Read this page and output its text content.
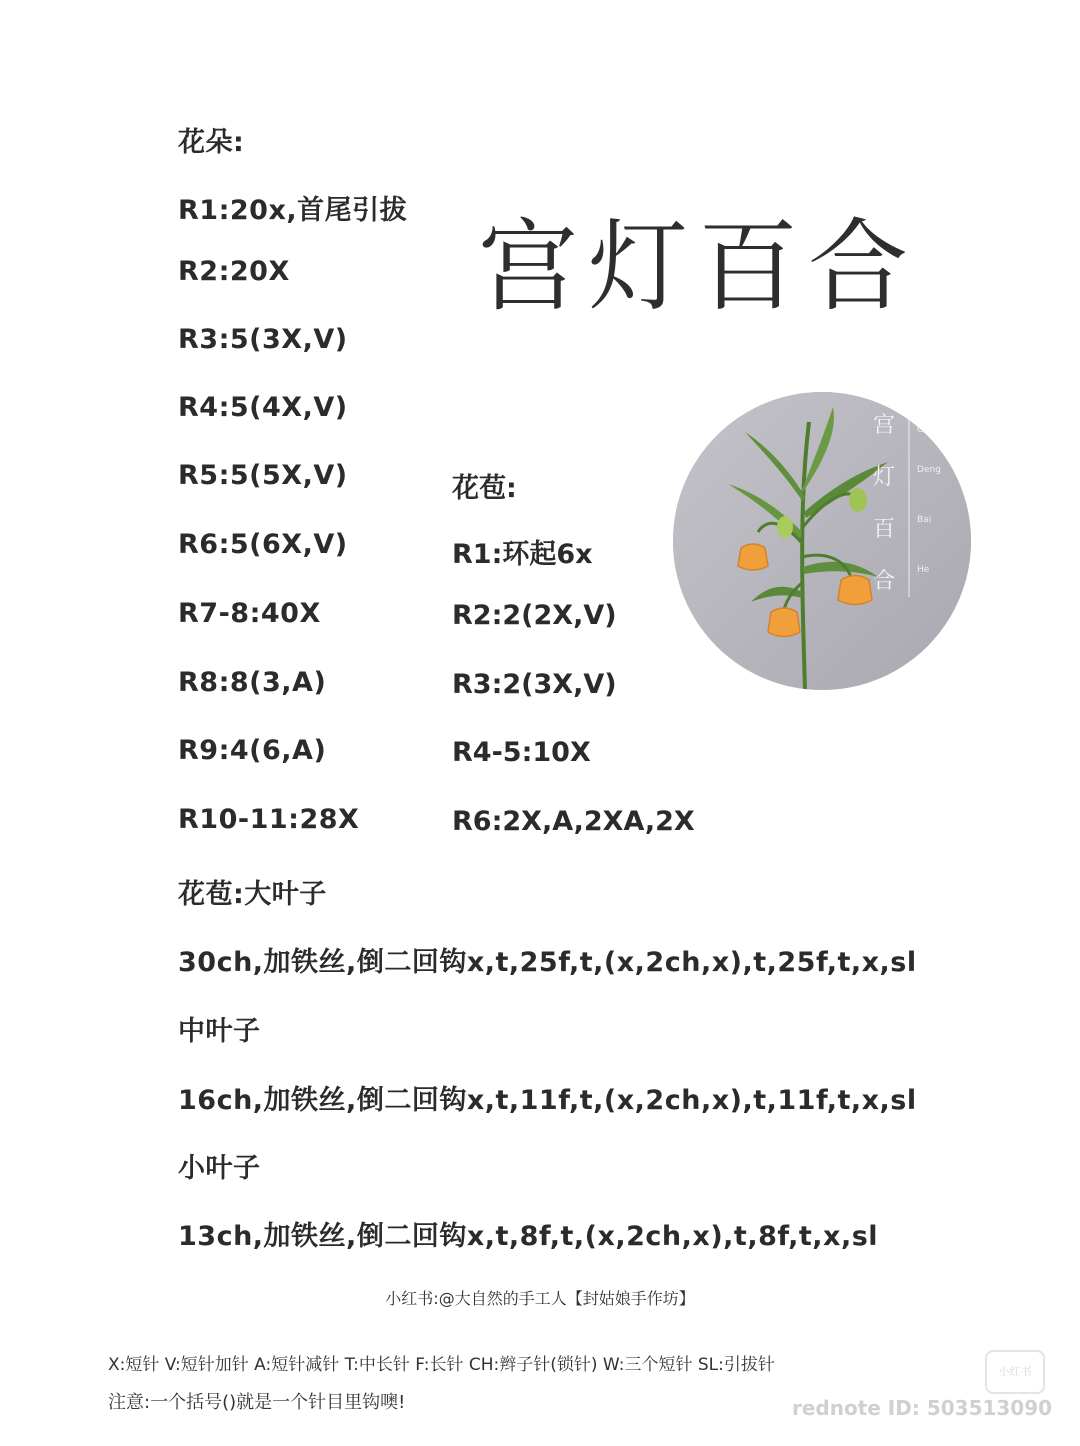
花朵:
R1:20x,首尾引拔
R2:20X
R3:5(3X,V)
R4:5(4X,V)
R5:5(5X,V)
R6:5(6X,V)
R7-8:40X
R8:8(3,A)
R9:4(6,A)
R10-11:28X
宫灯百合
宫
灯
百
合
Gong
Deng
Bai
He
花苞:
R1:环起6x
R2:2(2X,V)
R3:2(3X,V)
R4-5:10X
R6:2X,A,2XA,2X
花苞:大叶子
30ch,加铁丝,倒二回钩x,t,25f,t,(x,2ch,x),t,25f,t,x,sl
中叶子
16ch,加铁丝,倒二回钩x,t,11f,t,(x,2ch,x),t,11f,t,x,sl
小叶子
13ch,加铁丝,倒二回钩x,t,8f,t,(x,2ch,x),t,8f,t,x,sl
小红书:@大自然的手工人【封姑娘手作坊】
X:短针 V:短针加针 A:短针减针 T:中长针 F:长针 CH:辫子针(锁针) W:三个短针 SL:引拔针
注意:一个括号()就是一个针目里钩噢!
小红书
rednote ID: 503513090
